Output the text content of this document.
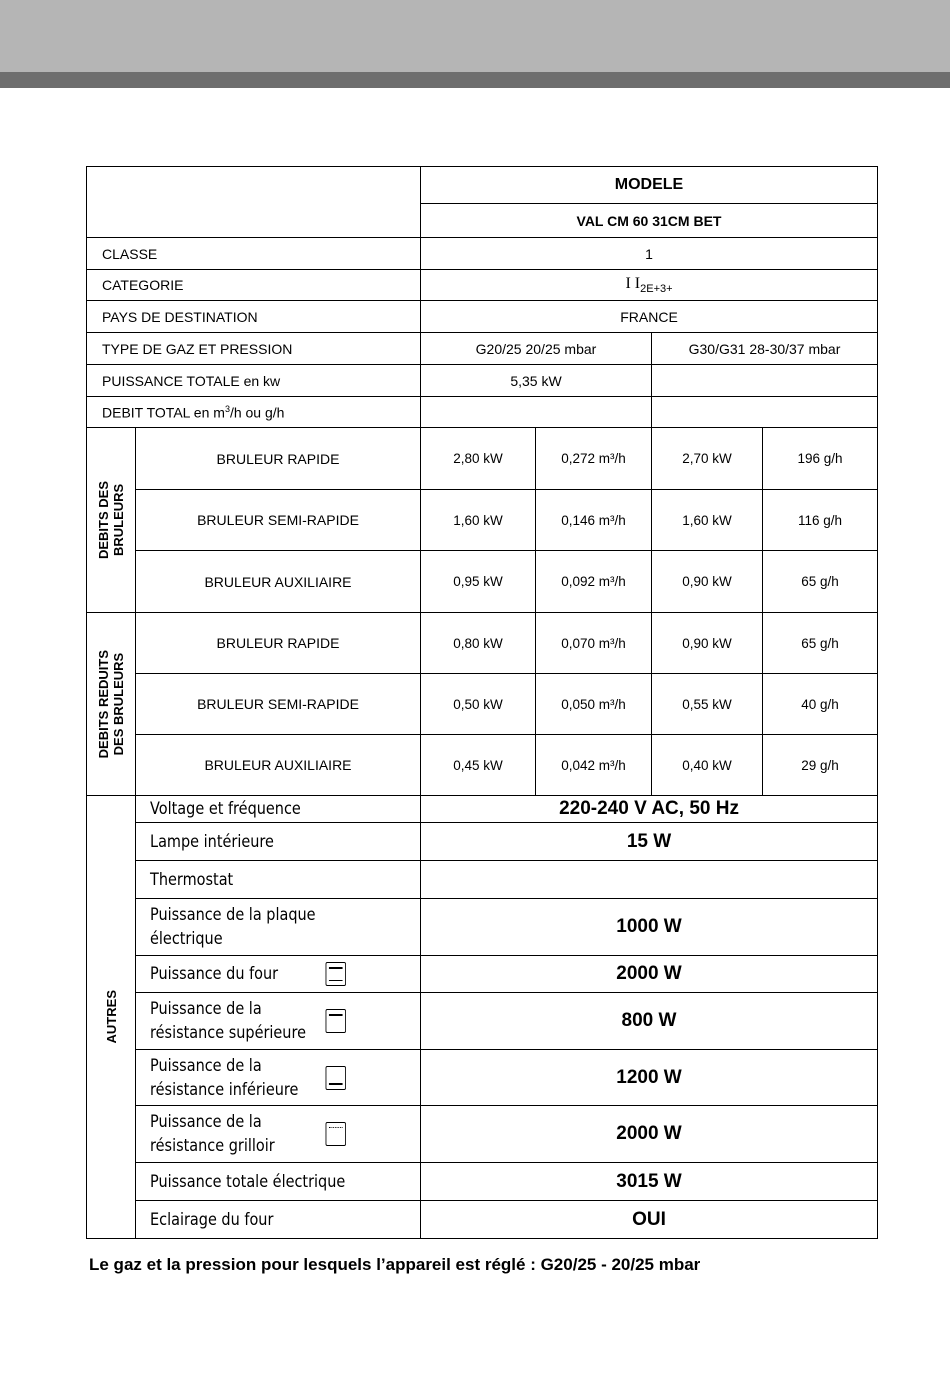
		MODELE			
		VAL CM 60 31CM BET			
CLASSE		1			
CATEGORIE		I $I_{2E+3+}$
PAYS DE DESTINATION		FRANCE			
TYPE DE GAZ ET PRESSION		G20/25 20/25 mbar		G30/G31 28-30/37 mbar	
PUISSANCE TOTALE en kw		5,35 kW			
DEBIT TOTAL en $m^3/h$ ou g/h					

DEBITS DES
BRULEURS	BRULEUR RAPIDE	2,80 kW	0,272 m³/h	2,70 kW	196 g/h
	BRULEUR SEMI-RAPIDE	1,60 kW	0,146 m³/h	1,60 kW	116 g/h
	BRULEUR AUXILIAIRE	0,95 kW	0,092 m³/h	0,90 kW	65 g/h

DEBITS REDUITS
DES BRULEURS	BRULEUR RAPIDE	0,80 kW	0,070 m³/h	0,90 kW	65 g/h
	BRULEUR SEMI-RAPIDE	0,50 kW	0,050 m³/h	0,55 kW	40 g/h
	BRULEUR AUXILIAIRE	0,45 kW	0,042 m³/h	0,40 kW	29 g/h

AUTRES	Voltage et fréquence	220-240 V AC, 50 Hz			
	Lampe intérieure	15 W			
	Thermostat				

	Puissance de la plaque électrique	1000 W			

	Puissance du four	2000 W			

	Puissance de la résistance supérieure	800 W			

	Puissance de la résistance inférieure	1200 W			

	Puissance de la résistance grilloir	2000 W			
	Puissance totale électrique	3015 W			
	Eclairage du four	OUI			
Le gaz et la pression pour lesquels l’appareil est réglé : G20/25 - 20/25 mbar
